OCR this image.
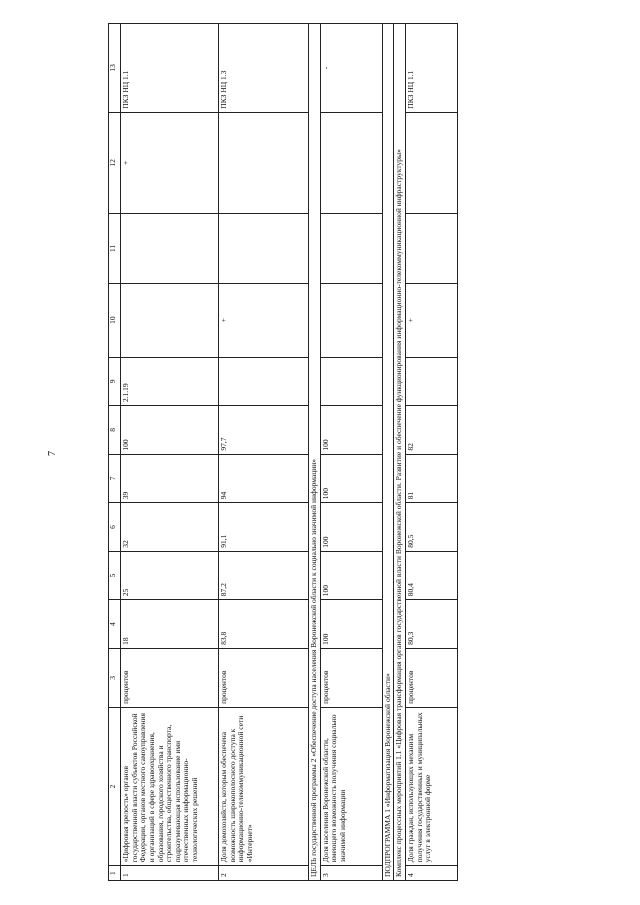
7
1	2	3	4	5	6	7	8	9	10	11	12	13
1	«Цифровая зрелость» органов государственной власти субъектов Российской Федерации, органов местного самоуправления и организаций в сфере здравоохранения, образования, городского хозяйства и строительства, общественного транспорта, подразумевающая использование ими отечественных информационно-технологических решений	процентов	18	25	32	39	100	2.1.19			+	ПКЗ НЦ 1.1
2	Доля домохозяйств, которым обеспечена возможность широкополосного доступа к информационно-телекоммуникационной сети «Интернет»	процентов	83,8	87,2	91,1	94	97,7		+			ПКЗ НЦ 1.3
ЦЕЛЬ государственной программы 2 «Обеспечение доступа населения Воронежской области к социально значимой информации»												
3	Доля населения Воронежской области, имеющего возможность получения социально значимой информации	процентов	100	100	100	100	100					-
ПОДПРОГРАММА 1 «Информатизация Воронежской области»												
Комплекс процессных мероприятий 1.1 «Цифровая трансформация органов государственной власти Воронежской области. Развитие и обеспечение функционирования информационно-телекоммуникационной инфраструктуры»												
4	Доля граждан, использующих механизм получения государственных и муниципальных услуг в электронной форме	процентов	80,3	80,4	80,5	81	82		+			ПКЗ НЦ 1.1
